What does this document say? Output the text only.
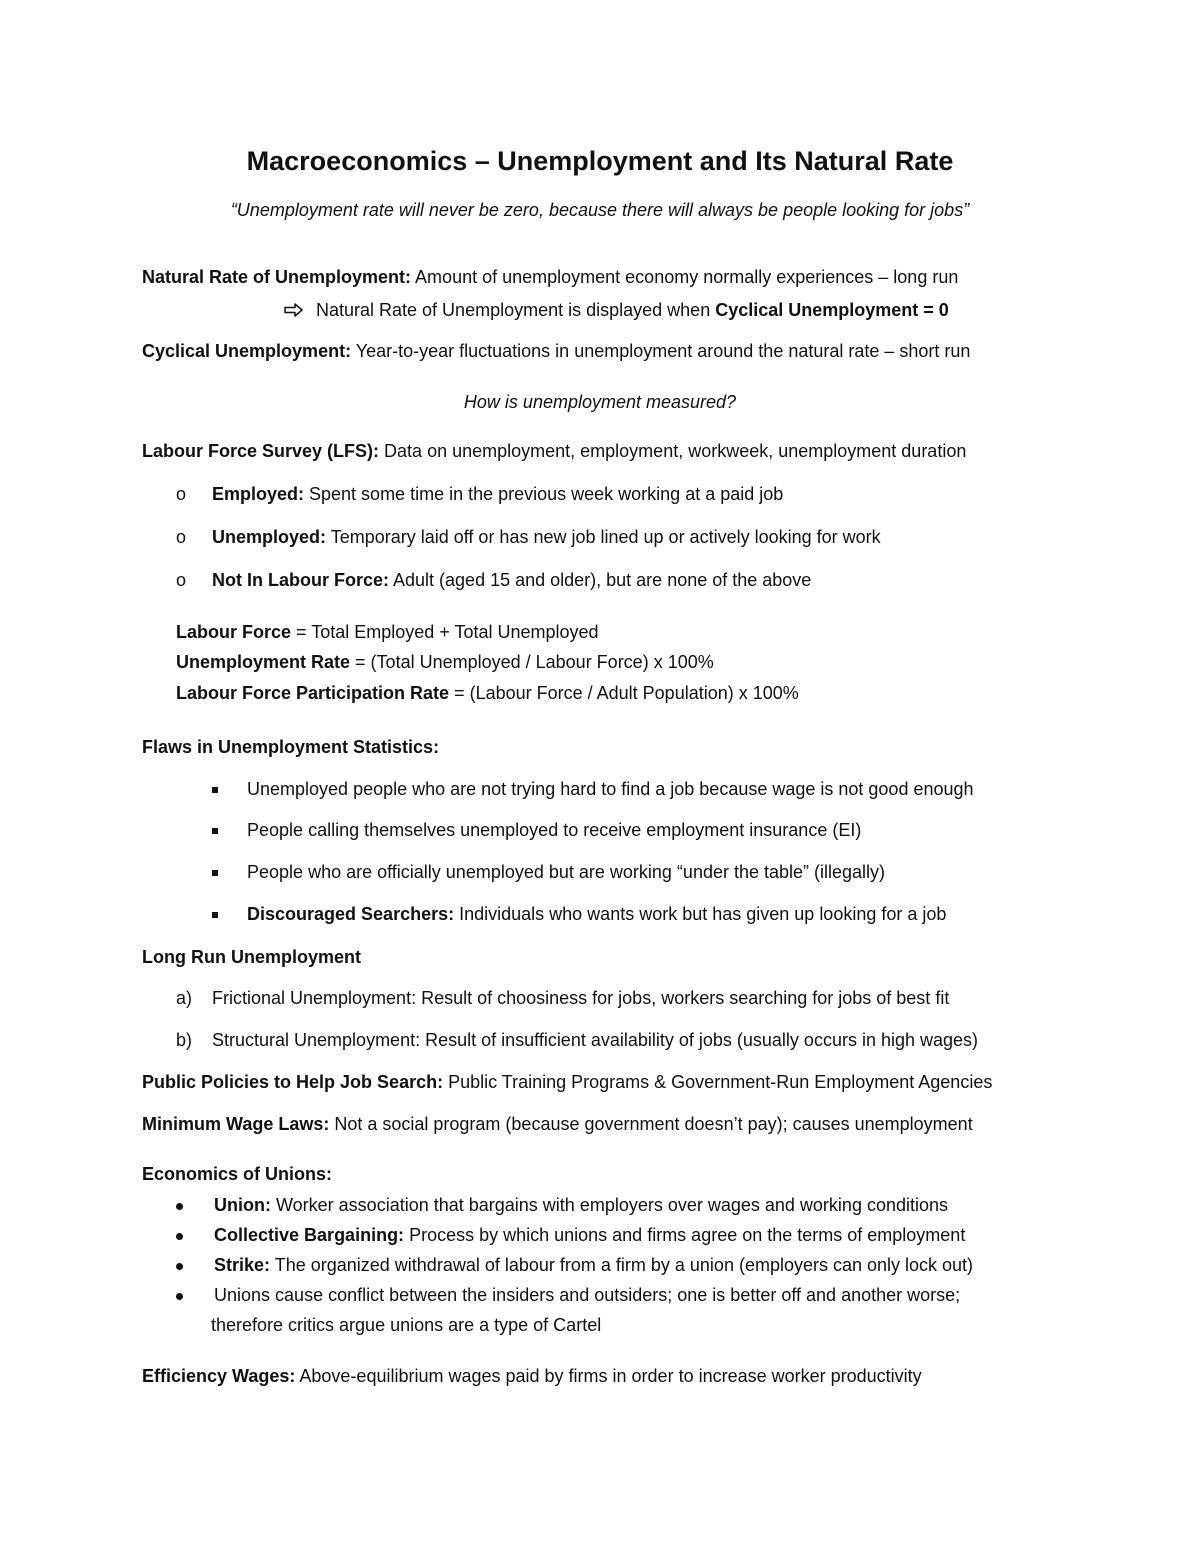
Macroeconomics – Unemployment and Its Natural Rate
“Unemployment rate will never be zero, because there will always be people looking for jobs”
Natural Rate of Unemployment: Amount of unemployment economy normally experiences – long run
Natural Rate of Unemployment is displayed when Cyclical Unemployment = 0
Cyclical Unemployment: Year-to-year fluctuations in unemployment around the natural rate – short run
How is unemployment measured?
Labour Force Survey (LFS): Data on unemployment, employment, workweek, unemployment duration
o	Employed: Spent some time in the previous week working at a paid job
o	Unemployed: Temporary laid off or has new job lined up or actively looking for work
o	Not In Labour Force: Adult (aged 15 and older), but are none of the above
Labour Force = Total Employed + Total Unemployed
Unemployment Rate = (Total Unemployed / Labour Force) x 100%
Labour Force Participation Rate = (Labour Force / Adult Population) x 100%
Flaws in Unemployment Statistics:
Unemployed people who are not trying hard to find a job because wage is not good enough
People calling themselves unemployed to receive employment insurance (EI)
People who are officially unemployed but are working “under the table” (illegally)
Discouraged Searchers: Individuals who wants work but has given up looking for a job
Long Run Unemployment
a)	Frictional Unemployment: Result of choosiness for jobs, workers searching for jobs of best fit
b)	Structural Unemployment: Result of insufficient availability of jobs (usually occurs in high wages)
Public Policies to Help Job Search: Public Training Programs & Government-Run Employment Agencies
Minimum Wage Laws: Not a social program (because government doesn’t pay); causes unemployment
Economics of Unions:
Union: Worker association that bargains with employers over wages and working conditions
Collective Bargaining: Process by which unions and firms agree on the terms of employment
Strike: The organized withdrawal of labour from a firm by a union (employers can only lock out)
Unions cause conflict between the insiders and outsiders; one is better off and another worse;
therefore critics argue unions are a type of Cartel
Efficiency Wages: Above-equilibrium wages paid by firms in order to increase worker productivity
